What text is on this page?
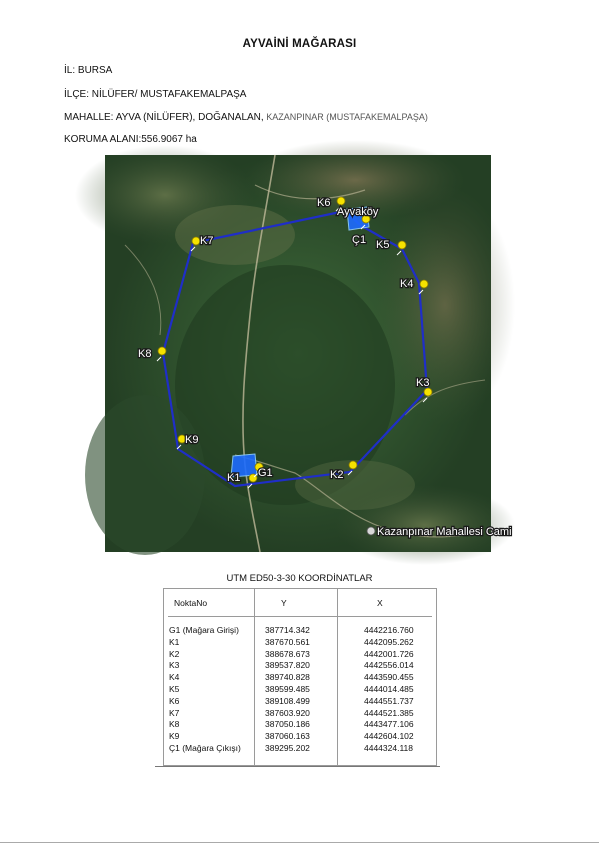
AYVAİNİ MAĞARASI
İL: BURSA
İLÇE: NİLÜFER/ MUSTAFAKEMALPAŞA
MAHALLE: AYVA (NİLÜFER), DOĞANALAN, KAZANPINAR (MUSTAFAKEMALPAŞA)
KORUMA ALANI:556.9067 ha
K7
K8
K9
K1 G1	K2
K3
K4
K5
K6
Ç1
Ayvaköy
Kazanpınar Mahallesi Cami
UTM ED50-3-30 KOORDİNATLAR
NoktaNo	Y	X
G1 (Mağara Girişi)	387714.342	4442216.760
K1	387670.561	4442095.262
K2	388678.673	4442001.726
K3	389537.820	4442556.014
K4	389740.828	4443590.455
K5	389599.485	4444014.485
K6	389108.499	4444551.737
K7	387603.920	4444521.385
K8	387050.186	4443477.106
K9	387060.163	4442604.102
Ç1 (Mağara Çıkışı)	389295.202	4444324.118
